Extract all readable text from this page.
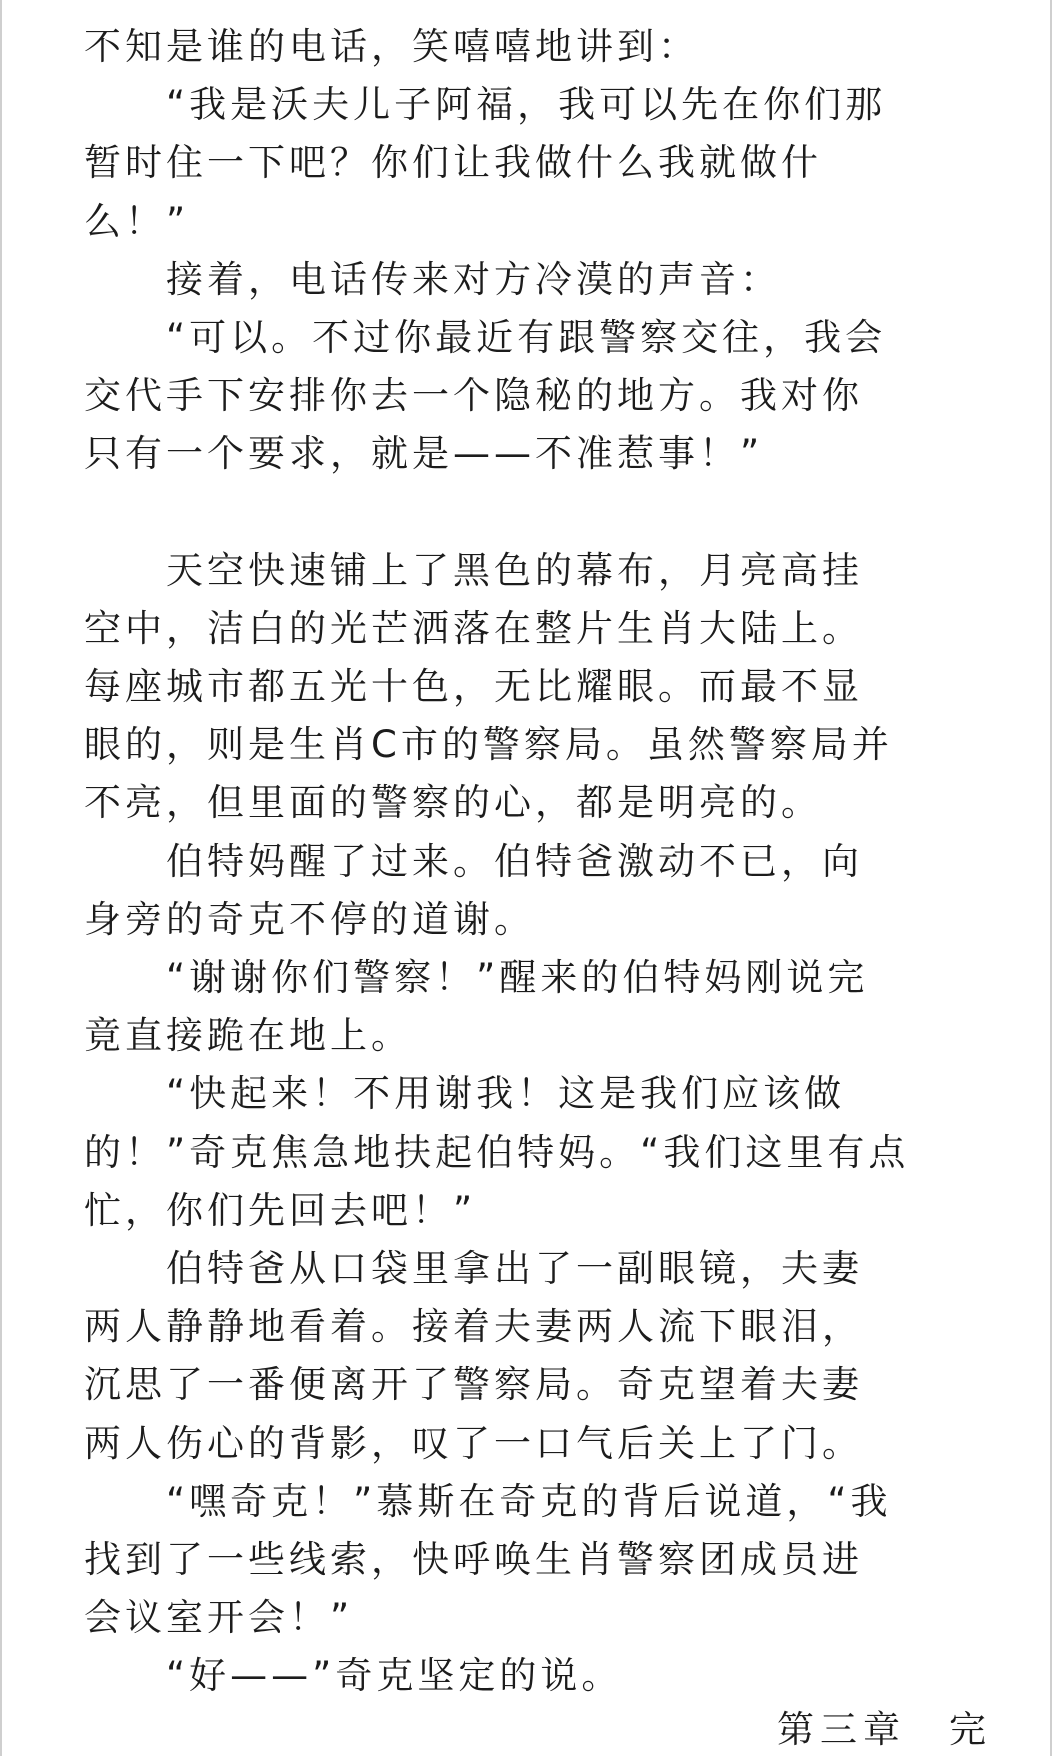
不知是谁的电话，笑嘻嘻地讲到：
　　“我是沃夫儿子阿福，我可以先在你们那
暂时住一下吧？你们让我做什么我就做什
么！”
　　接着，电话传来对方冷漠的声音：
　　“可以。不过你最近有跟警察交往，我会
交代手下安排你去一个隐秘的地方。我对你
只有一个要求，就是——不准惹事！”
　　天空快速铺上了黑色的幕布，月亮高挂
空中，洁白的光芒洒落在整片生肖大陆上。
每座城市都五光十色，无比耀眼。而最不显
眼的，则是生肖C市的警察局。虽然警察局并
不亮，但里面的警察的心，都是明亮的。
　　伯特妈醒了过来。伯特爸激动不已，向
身旁的奇克不停的道谢。
　　“谢谢你们警察！”醒来的伯特妈刚说完
竟直接跪在地上。
　　“快起来！不用谢我！这是我们应该做
的！”奇克焦急地扶起伯特妈。“我们这里有点
忙，你们先回去吧！”
　　伯特爸从口袋里拿出了一副眼镜，夫妻
两人静静地看着。接着夫妻两人流下眼泪，
沉思了一番便离开了警察局。奇克望着夫妻
两人伤心的背影，叹了一口气后关上了门。
　　“嘿奇克！”慕斯在奇克的背后说道，“我
找到了一些线索，快呼唤生肖警察团成员进
会议室开会！”
　　“好——”奇克坚定的说。
第三章　完
